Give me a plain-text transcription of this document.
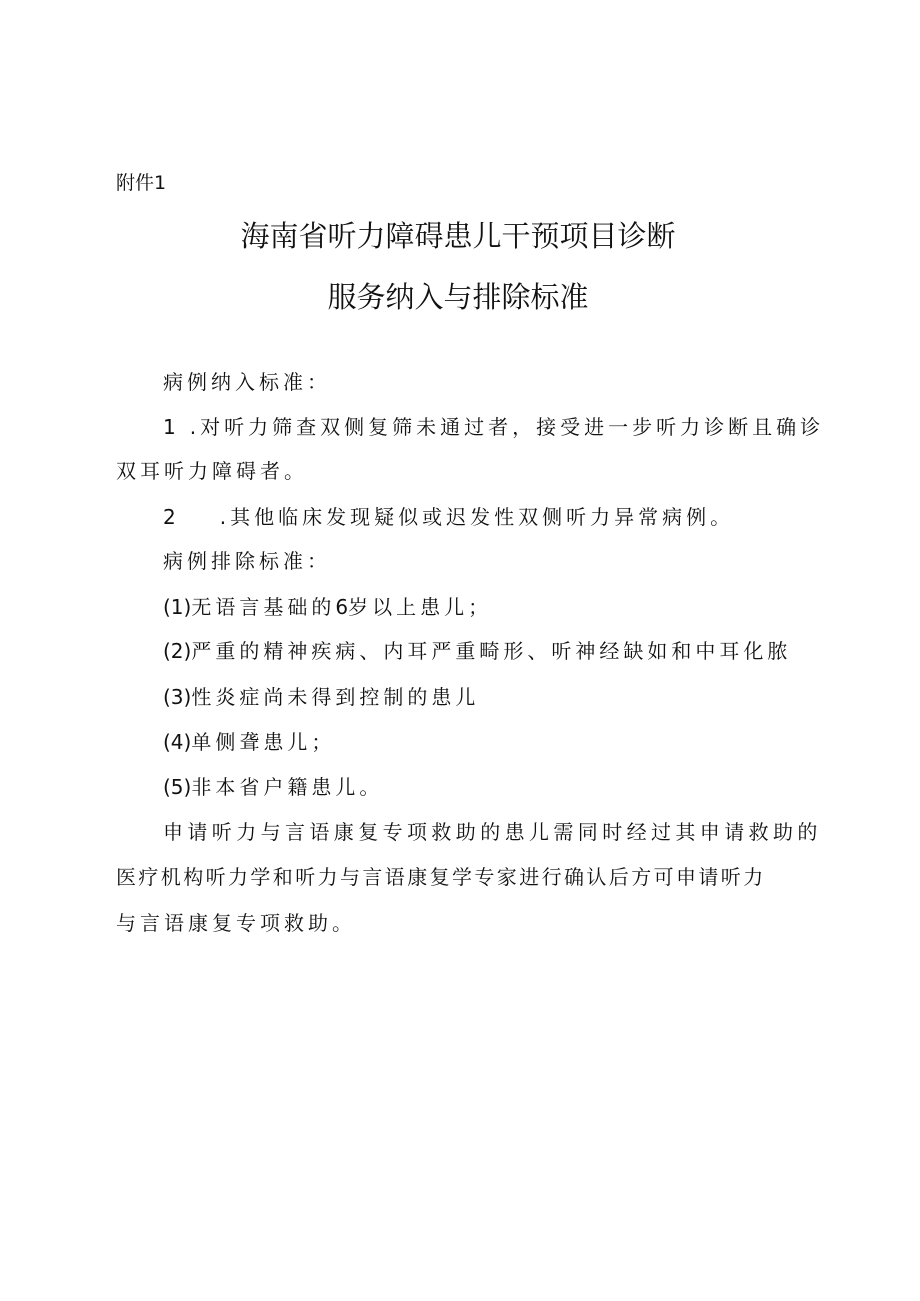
附件1
海南省听力障碍患儿干预项目诊断
服务纳入与排除标准
病例纳入标准：
1 .对听力筛查双侧复筛未通过者，接受进一步听力诊断且确诊
双耳听力障碍者。
2 .其他临床发现疑似或迟发性双侧听力异常病例。
病例排除标准：
(1)无语言基础的6岁以上患儿；
(2)严重的精神疾病、内耳严重畸形、听神经缺如和中耳化脓
(3)性炎症尚未得到控制的患儿
(4)单侧聋患儿；
(5)非本省户籍患儿。
申请听力与言语康复专项救助的患儿需同时经过其申请救助的
医疗机构听力学和听力与言语康复学专家进行确认后方可申请听力
与言语康复专项救助。
